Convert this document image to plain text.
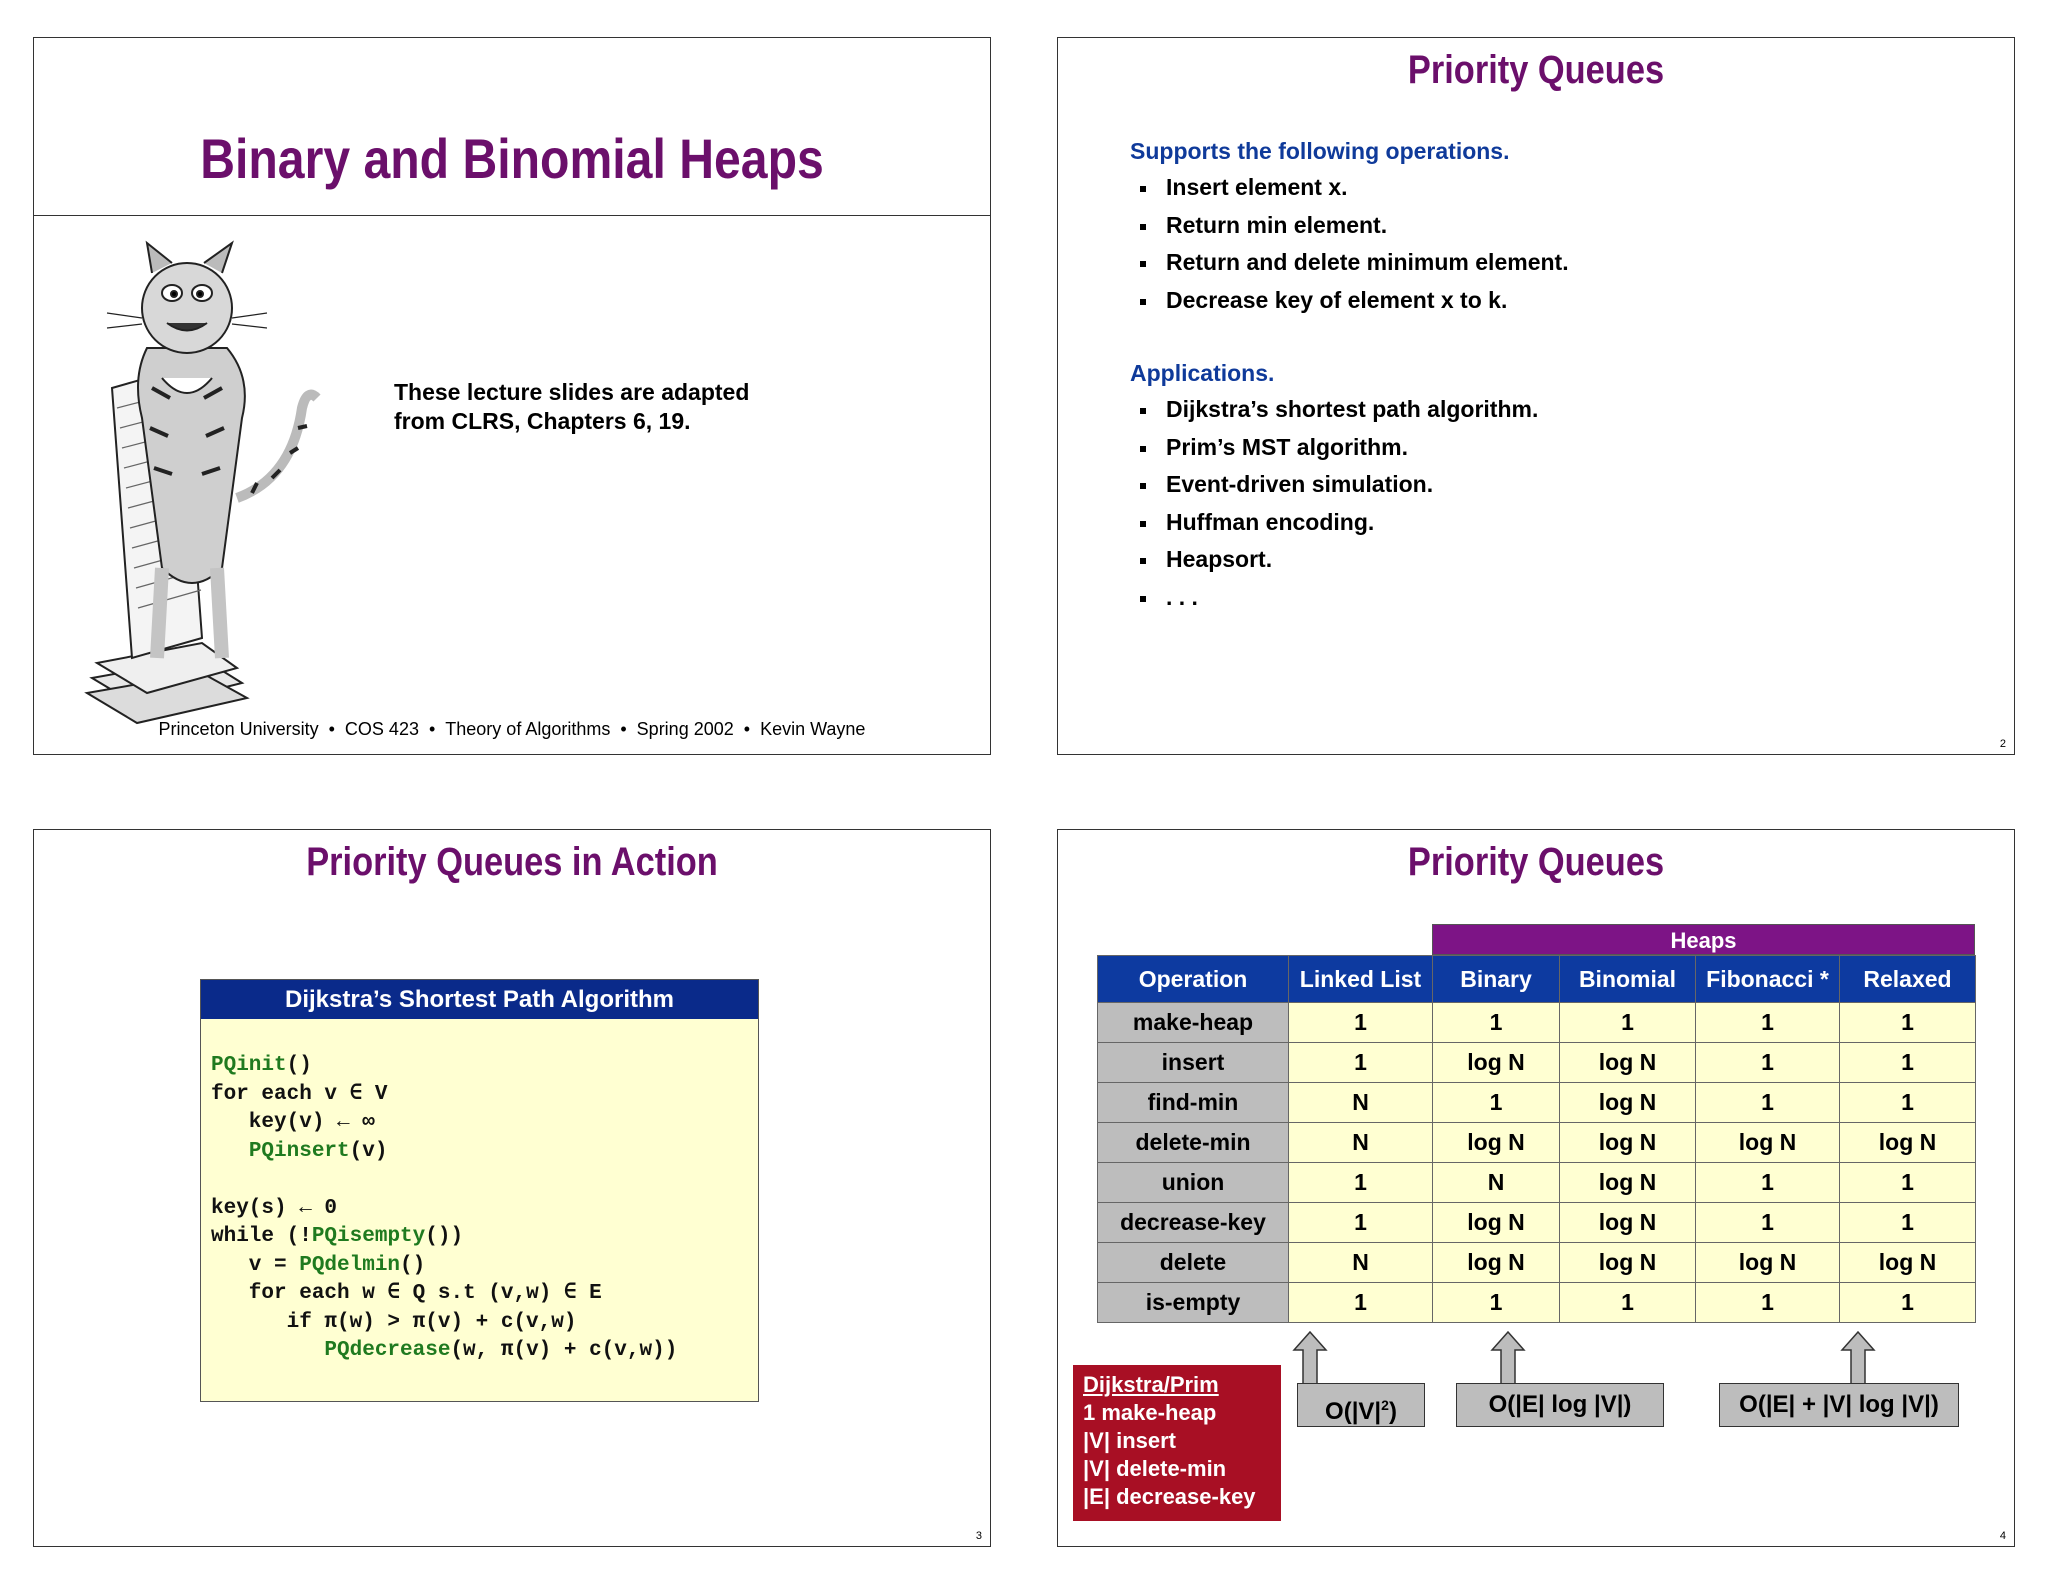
Binary and Binomial Heaps
These lecture slides are adapted
from CLRS, Chapters 6, 19.
Princeton University • COS 423 • Theory of Algorithms • Spring 2002 • Kevin Wayne
Priority Queues
Supports the following operations.
Insert element x.
Return min element.
Return and delete minimum element.
Decrease key of element x to k.
Applications.
Dijkstra’s shortest path algorithm.
Prim’s MST algorithm.
Event-driven simulation.
Huffman encoding.
Heapsort.
. . .
2
Priority Queues in Action
Dijkstra’s Shortest Path Algorithm
PQinit()
for each v ∈ V
key(v) ← ∞
PQinsert(v)

key(s) ← 0
while (!PQisempty())
v = PQdelmin()
for each w ∈ Q s.t (v,w) ∈ E
if π(w) > π(v) + c(v,w)
PQdecrease(w, π(v) + c(v,w))
3
Priority Queues
Heaps
Operation	Linked List	Binary	Binomial	Fibonacci *	Relaxed
make-heap	1	1	1	1	1
insert	1	log N	log N	1	1
find-min	N	1	log N	1	1
delete-min	N	log N	log N	log N	log N
union	1	N	log N	1	1
decrease-key	1	log N	log N	1	1
delete	N	log N	log N	log N	log N
is-empty	1	1	1	1	1
$O(|V|^2)$	O(|E| log |V|)	O(|E| + |V| log |V|)
Dijkstra/Prim
1 make-heap
|V| insert
|V| delete-min
|E| decrease-key
4
